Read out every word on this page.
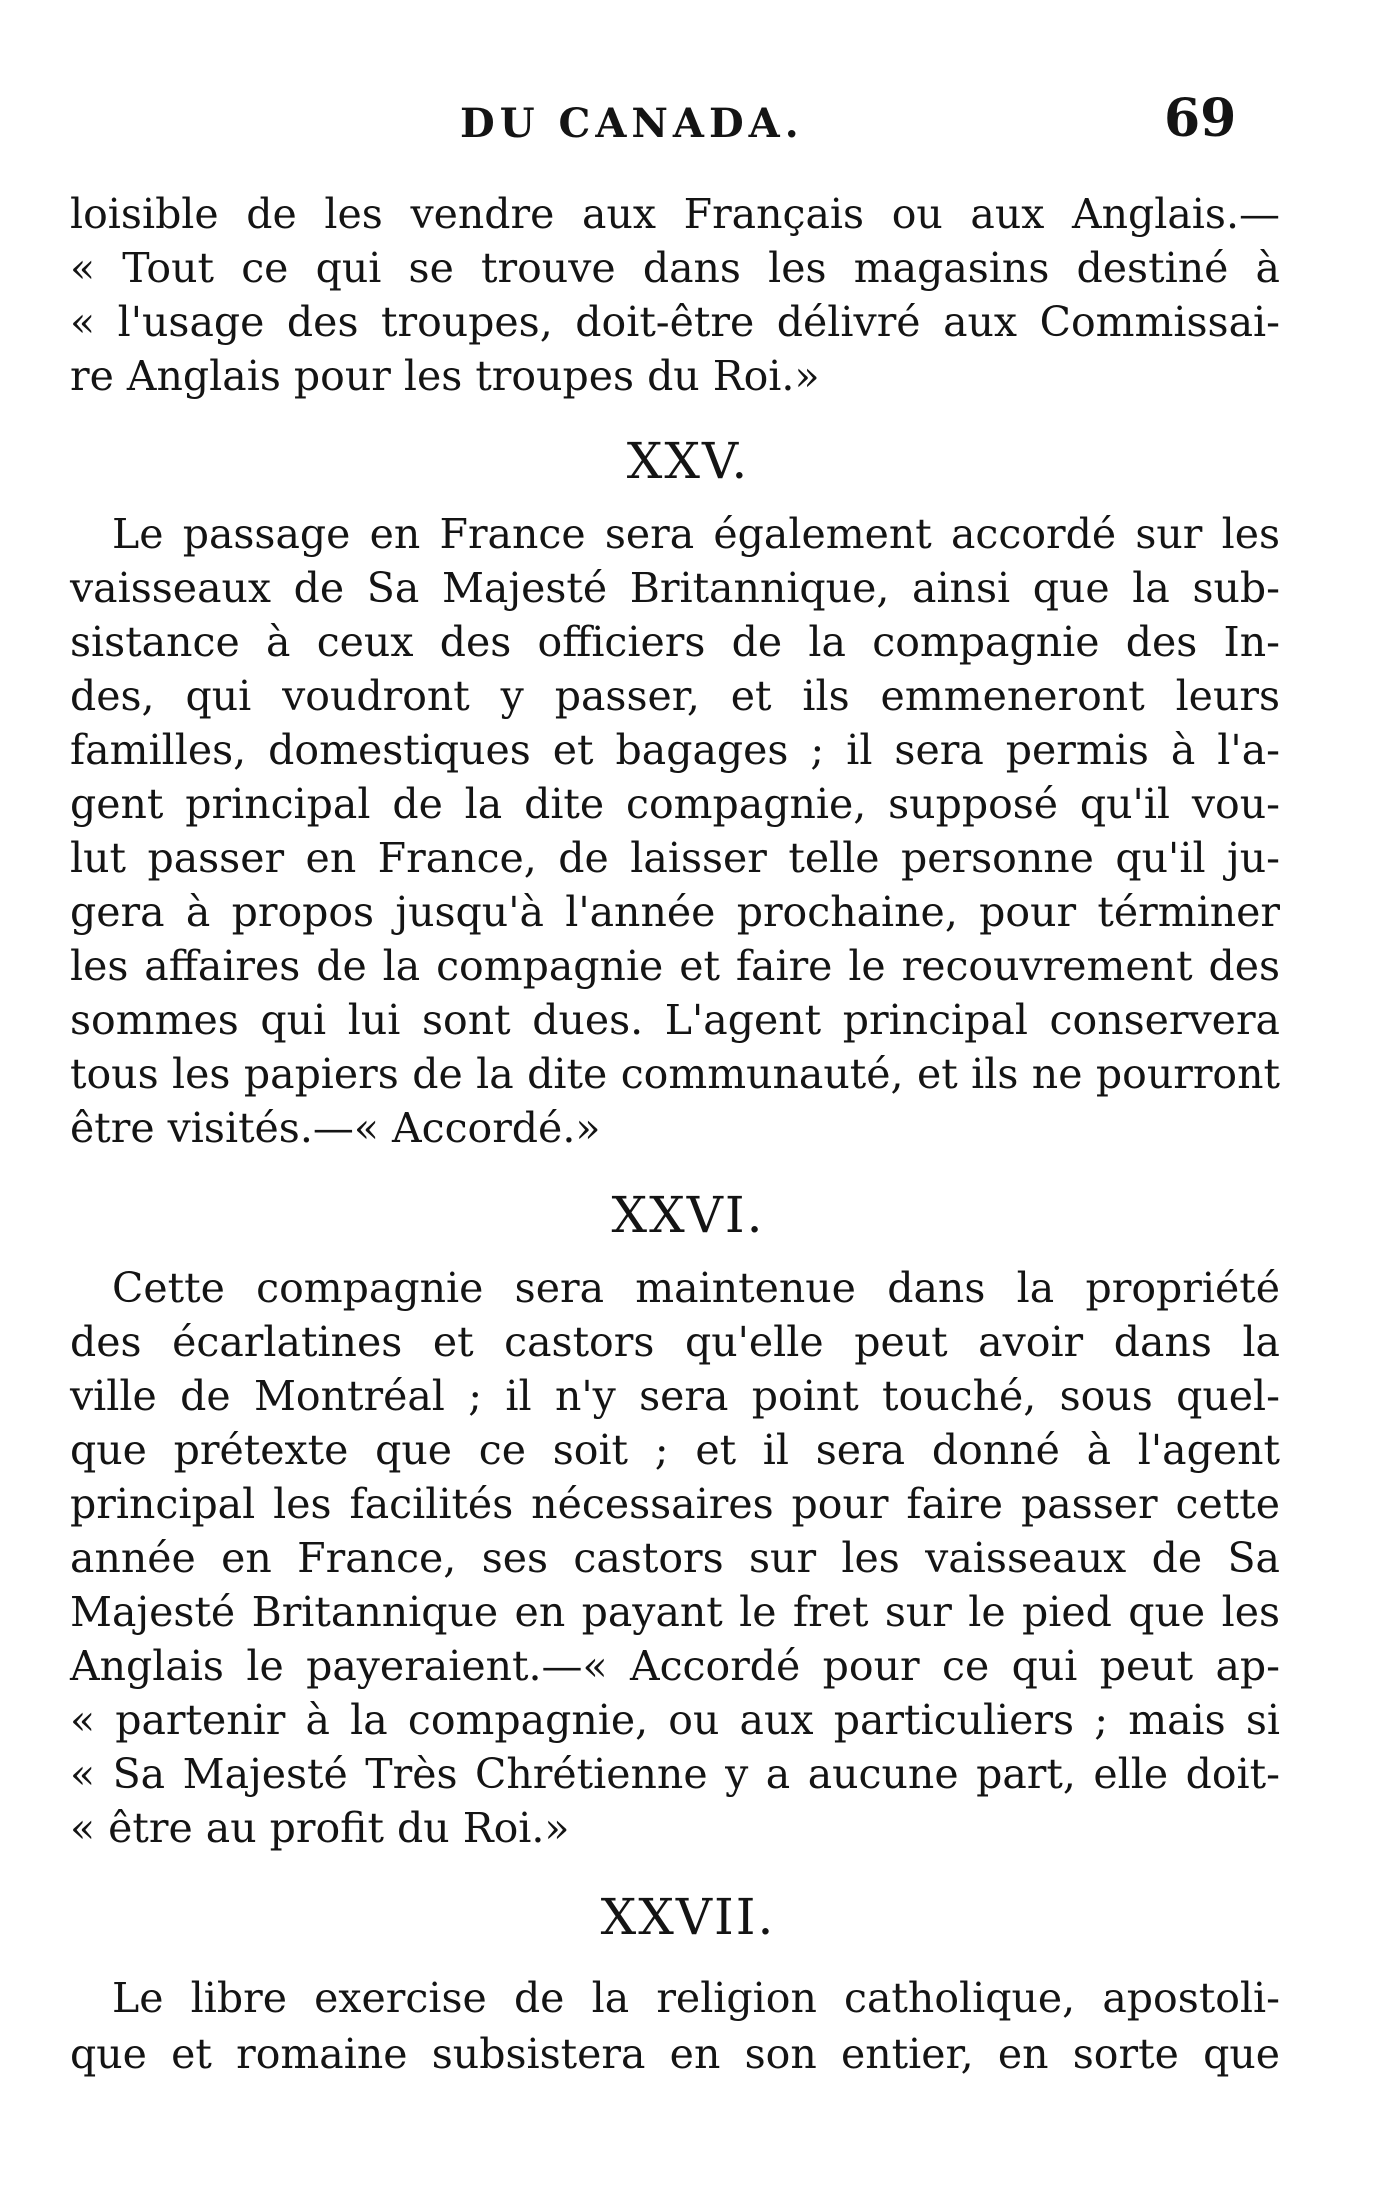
DU CANADA.	69
loisible de les vendre aux Français ou aux Anglais.—
« Tout ce qui se trouve dans les magasins destiné à
« l'usage des troupes, doit-être délivré aux Commissai-
re Anglais pour les troupes du Roi.»
XXV.
Le passage en France sera également accordé sur les
vaisseaux de Sa Majesté Britannique, ainsi que la sub-
sistance à ceux des officiers de la compagnie des In-
des, qui voudront y passer, et ils emmeneront leurs
familles, domestiques et bagages ; il sera permis à l'a-
gent principal de la dite compagnie, supposé qu'il vou-
lut passer en France, de laisser telle personne qu'il ju-
gera à propos jusqu'à l'année prochaine, pour términer
les affaires de la compagnie et faire le recouvrement des
sommes qui lui sont dues. L'agent principal conservera
tous les papiers de la dite communauté, et ils ne pourront
être visités.—« Accordé.»
XXVI.
Cette compagnie sera maintenue dans la propriété
des écarlatines et castors qu'elle peut avoir dans la
ville de Montréal ; il n'y sera point touché, sous quel-
que prétexte que ce soit ; et il sera donné à l'agent
principal les facilités nécessaires pour faire passer cette
année en France, ses castors sur les vaisseaux de Sa
Majesté Britannique en payant le fret sur le pied que les
Anglais le payeraient.—« Accordé pour ce qui peut ap-
« partenir à la compagnie, ou aux particuliers ; mais si
« Sa Majesté Très Chrétienne y a aucune part, elle doit-
« être au profit du Roi.»
XXVII.
Le libre exercise de la religion catholique, apostoli-
que et romaine subsistera en son entier, en sorte que
